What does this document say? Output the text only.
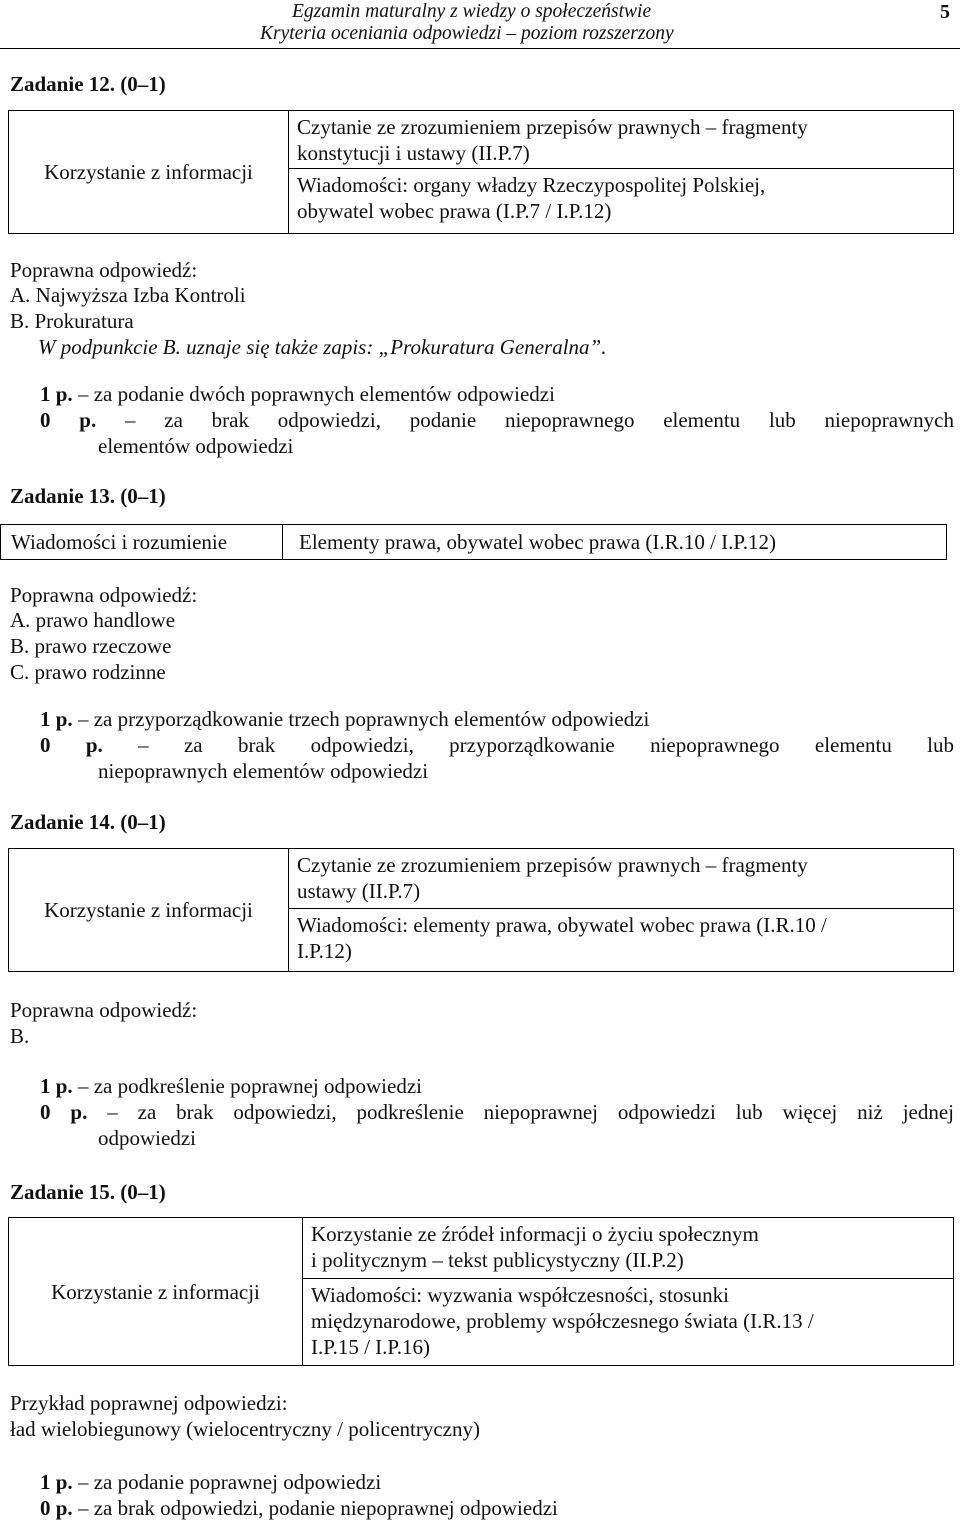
Egzamin maturalny z wiedzy o społeczeństwie
Kryteria oceniania odpowiedzi – poziom rozszerzony
5
Zadanie 12. (0–1)
Korzystanie z informacji
Czytanie ze zrozumieniem przepisów prawnych – fragmenty
konstytucji i ustawy (II.P.7)
Wiadomości: organy władzy Rzeczypospolitej Polskiej,
obywatel wobec prawa (I.P.7 / I.P.12)
Poprawna odpowiedź:
A. Najwyższa Izba Kontroli
B. Prokuratura
W podpunkcie B. uznaje się także zapis: „Prokuratura Generalna”.
1 p. – za podanie dwóch poprawnych elementów odpowiedzi
0 p. – za brak odpowiedzi, podanie niepoprawnego elementu lub niepoprawnych
elementów odpowiedzi
Zadanie 13. (0–1)
Wiadomości i rozumienie	Elementy prawa, obywatel wobec prawa (I.R.10 / I.P.12)
Poprawna odpowiedź:
A. prawo handlowe
B. prawo rzeczowe
C. prawo rodzinne
1 p. – za przyporządkowanie trzech poprawnych elementów odpowiedzi
0 p. – za brak odpowiedzi, przyporządkowanie niepoprawnego elementu lub
niepoprawnych elementów odpowiedzi
Zadanie 14. (0–1)
Korzystanie z informacji
Czytanie ze zrozumieniem przepisów prawnych – fragmenty
ustawy (II.P.7)
Wiadomości: elementy prawa, obywatel wobec prawa (I.R.10 /
I.P.12)
Poprawna odpowiedź:
B.
1 p. – za podkreślenie poprawnej odpowiedzi
0 p. – za brak odpowiedzi, podkreślenie niepoprawnej odpowiedzi lub więcej niż jednej
odpowiedzi
Zadanie 15. (0–1)
Korzystanie z informacji
Korzystanie ze źródeł informacji o życiu społecznym
i politycznym – tekst publicystyczny (II.P.2)
Wiadomości: wyzwania współczesności, stosunki
międzynarodowe, problemy współczesnego świata (I.R.13 /
I.P.15 / I.P.16)
Przykład poprawnej odpowiedzi:
ład wielobiegunowy (wielocentryczny / policentryczny)
1 p. – za podanie poprawnej odpowiedzi
0 p. – za brak odpowiedzi, podanie niepoprawnej odpowiedzi
